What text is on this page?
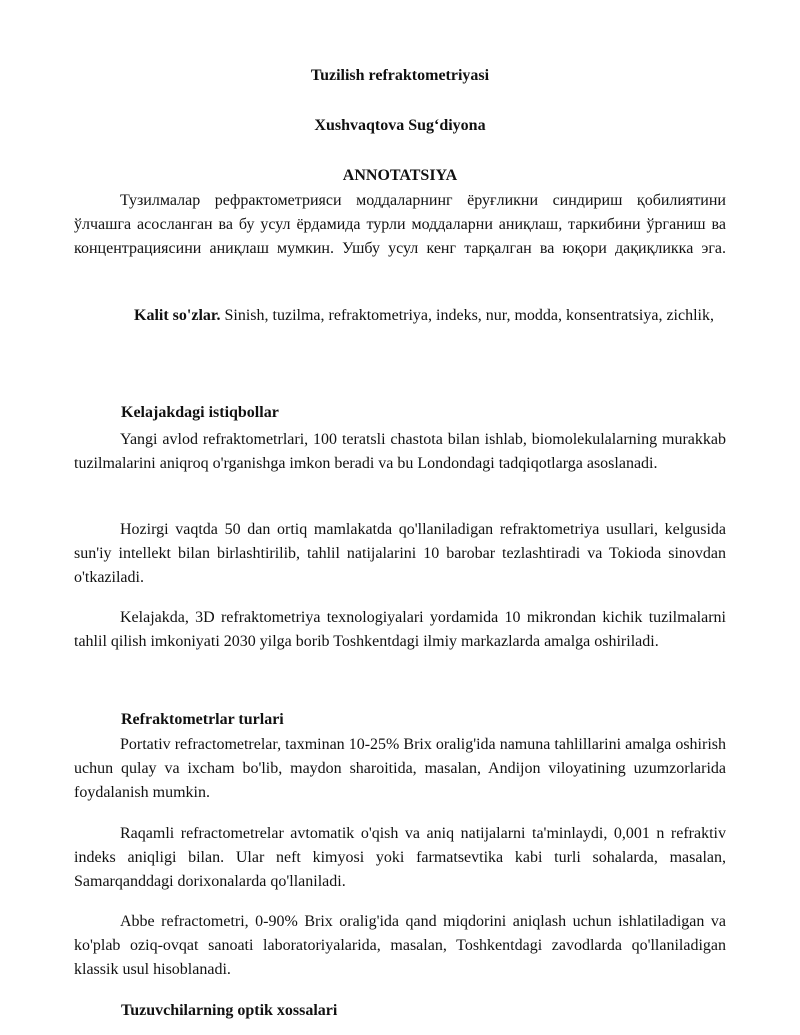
Tuzilish refraktometriyasi

Xushvaqtova Sug‘diyona

ANNOTATSIYA

Тузилмалар рефрактометрияси моддаларнинг ёруғликни синдириш қобилиятини ўлчашга асосланган ва бу усул ёрдамида турли моддаларни аниқлаш, таркибини ўрганиш ва концентрациясини аниқлаш мумкин. Ушбу усул кенг тарқалган ва юқори дақиқликка эга.

Kalit so'zlar. Sinish, tuzilma, refraktometriya, indeks, nur, modda, konsentratsiya, zichlik,

Kelajakdagi istiqbollar

Yangi avlod refraktometrlari, 100 teratsli chastota bilan ishlab, biomolekulalarning murakkab tuzilmalarini aniqroq o'rganishga imkon beradi va bu Londondagi tadqiqotlarga asoslanadi.

Hozirgi vaqtda 50 dan ortiq mamlakatda qo'llaniladigan refraktometriya usullari, kelgusida sun'iy intellekt bilan birlashtirilib, tahlil natijalarini 10 barobar tezlashtiradi va Tokioda sinovdan o'tkaziladi.

Kelajakda, 3D refraktometriya texnologiyalari yordamida 10 mikrondan kichik tuzilmalarni tahlil qilish imkoniyati 2030 yilga borib Toshkentdagi ilmiy markazlarda amalga oshiriladi.

Refraktometrlar turlari

Portativ refractometrelar, taxminan 10-25% Brix oralig'ida namuna tahlillarini amalga oshirish uchun qulay va ixcham bo'lib, maydon sharoitida, masalan, Andijon viloyatining uzumzorlarida foydalanish mumkin.

Raqamli refractometrelar avtomatik o'qish va aniq natijalarni ta'minlaydi, 0,001 n refraktiv indeks aniqligi bilan. Ular neft kimyosi yoki farmatsevtika kabi turli sohalarda, masalan, Samarqanddagi dorixonalarda qo'llaniladi.

Abbe refractometri, 0-90% Brix oralig'ida qand miqdorini aniqlash uchun ishlatiladigan va ko'plab oziq-ovqat sanoati laboratoriyalarida, masalan, Toshkentdagi zavodlarda qo'llaniladigan klassik usul hisoblanadi.

Tuzuvchilarning optik xossalari
